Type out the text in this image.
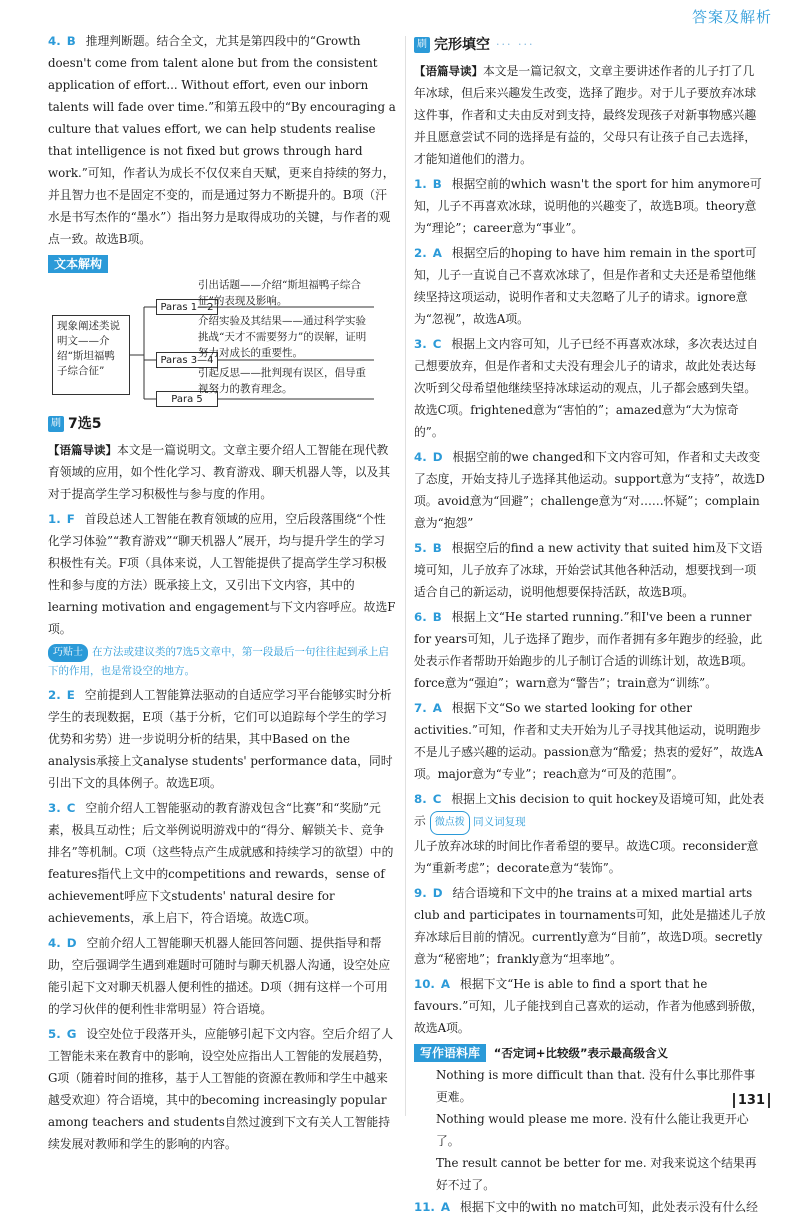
答案及解析

4. B 推理判断题。结合全文，尤其是第四段中的“Growth doesn't come from talent alone but from the consistent application of effort... Without effort, even our inborn talents will fade over time.”和第五段中的“By encouraging a culture that values effort, we can help students realise that intelligence is not fixed but grows through hard work.”可知，作者认为成长不仅仅来自天赋，更来自持续的努力，并且智力也不是固定不变的，而是通过努力不断提升的。B项（汗水是书写杰作的“墨水”）指出努力是取得成功的关键，与作者的观点一致。故选B项。

文本解构
现象阐述类说明文——介绍“斯坦福鸭子综合征”
Paras 1—2
引出话题——介绍“斯坦福鸭子综合征”的表现及影响。
Paras 3—4
介绍实验及其结果——通过科学实验挑战“天才不需要努力”的误解，证明努力对成长的重要性。
Para 5
引起反思——批判现有误区，倡导重视努力的教育理念。
刷 7选5

【语篇导读】本文是一篇说明文。文章主要介绍人工智能在现代教育领域的应用，如个性化学习、教育游戏、聊天机器人等，以及其对于提高学生学习积极性与参与度的作用。

1. F 首段总述人工智能在教育领域的应用，空后段落围绕“个性化学习体验”“教育游戏”“聊天机器人”展开，均与提升学生的学习积极性有关。F项（具体来说，人工智能提供了提高学生学习积极性和参与度的方法）既承接上文，又引出下文内容，其中的learning motivation and engagement与下文内容呼应。故选F项。

巧贴士 在方法或建议类的7选5文章中，第一段最后一句往往起到承上启下的作用，也是常设空的地方。

2. E 空前提到人工智能算法驱动的自适应学习平台能够实时分析学生的表现数据，E项（基于分析，它们可以追踪每个学生的学习优势和劣势）进一步说明分析的结果，其中Based on the analysis承接上文analyse students' performance data，同时引出下文的具体例子。故选E项。

3. C 空前介绍人工智能驱动的教育游戏包含“比赛”和“奖励”元素，极具互动性；后文举例说明游戏中的“得分、解锁关卡、竞争排名”等机制。C项（这些特点产生成就感和持续学习的欲望）中的features指代上文中的competitions and rewards，sense of achievement呼应下文students' natural desire for achievements，承上启下，符合语境。故选C项。

4. D 空前介绍人工智能聊天机器人能回答问题、提供指导和帮助，空后强调学生遇到难题时可随时与聊天机器人沟通，设空处应能引起下文对聊天机器人便利性的描述。D项（拥有这样一个可用的学习伙伴的便利性非常明显）符合语境。

5. G 设空处位于段落开头，应能够引起下文内容。空后介绍了人工智能未来在教育中的影响，设空处应指出人工智能的发展趋势，G项（随着时间的推移，基于人工智能的资源在教师和学生中越来越受欢迎）符合语境，其中的becoming increasingly popular among teachers and students自然过渡到下文有关人工智能持续发展对教师和学生的影响的内容。

刷 完形填空 ··· ···

【语篇导读】本文是一篇记叙文，文章主要讲述作者的儿子打了几年冰球，但后来兴趣发生改变，选择了跑步。对于儿子要放弃冰球这件事，作者和丈夫由反对到支持，最终发现孩子对新事物感兴趣并且愿意尝试不同的选择是有益的，父母只有让孩子自己去选择，才能知道他们的潜力。

1. B 根据空前的which wasn't the sport for him anymore可知，儿子不再喜欢冰球，说明他的兴趣变了，故选B项。theory意为“理论”；career意为“事业”。

2. A 根据空后的hoping to have him remain in the sport可知，儿子一直说自己不喜欢冰球了，但是作者和丈夫还是希望他继续坚持这项运动，说明作者和丈夫忽略了儿子的请求。ignore意为“忽视”，故选A项。

3. C 根据上文内容可知，儿子已经不再喜欢冰球，多次表达过自己想要放弃，但是作者和丈夫没有理会儿子的请求，故此处表达每次听到父母希望他继续坚持冰球运动的观点，儿子都会感到失望。故选C项。frightened意为“害怕的”；amazed意为“大为惊奇的”。

4. D 根据空前的we changed和下文内容可知，作者和丈夫改变了态度，开始支持儿子选择其他运动。support意为“支持”，故选D项。avoid意为“回避”；challenge意为“对……怀疑”；complain意为“抱怨”

5. B 根据空后的find a new activity that suited him及下文语境可知，儿子放弃了冰球，开始尝试其他各种活动，想要找到一项适合自己的新运动，说明他想要保持活跃，故选B项。

6. B 根据上文“He started running.”和I've been a runner for years可知，儿子选择了跑步，而作者拥有多年跑步的经验，此处表示作者帮助开始跑步的儿子制订合适的训练计划，故选B项。force意为“强迫”；warn意为“警告”；train意为“训练”。

7. A 根据下文“So we started looking for other activities.”可知，作者和丈夫开始为儿子寻找其他运动，说明跑步不是儿子感兴趣的运动。passion意为“酷爱；热衷的爱好”，故选A项。major意为“专业”；reach意为“可及的范围”。

8. C 根据上文his decision to quit hockey及语境可知，此处表示 微点拨 同义词复现
儿子放弃冰球的时间比作者希望的要早。故选C项。reconsider意为“重新考虑”；decorate意为“装饰”。

9. D 结合语境和下文中的he trains at a mixed martial arts club and participates in tournaments可知，此处是描述儿子放弃冰球后目前的情况。currently意为“目前”，故选D项。secretly意为“秘密地”；frankly意为“坦率地”。

10. A 根据下文“He is able to find a sport that he favours.”可知，儿子能找到自己喜欢的运动，作者为他感到骄傲，故选A项。

写作语料库 “否定词+比较级”表示最高级含义

Nothing is more difficult than that. 没有什么事比那件事更难。

Nothing would please me more. 没有什么能让我更开心了。

The result cannot be better for me. 对我来说这个结果再好不过了。

11. A 根据下文中的with no match可知，此处表示没有什么经

131
